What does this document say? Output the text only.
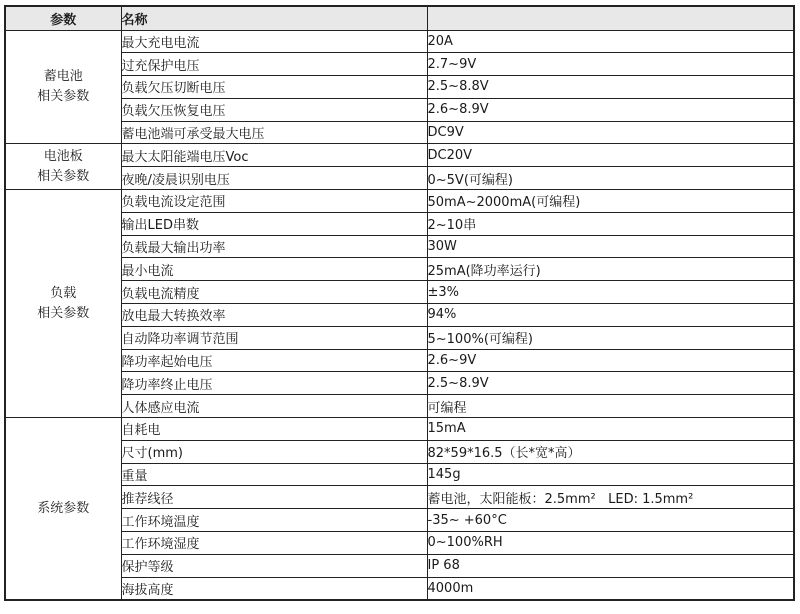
参数	名称	

蓄电池
相关参数	最大充电电流	20A
	过充保护电压	2.7~9V
	负载欠压切断电压	2.5~8.8V
	负载欠压恢复电压	2.6~8.9V
	蓄电池端可承受最大电压	DC9V

电池板
相关参数	最大太阳能端电压Voc	DC20V
	夜晚/凌晨识别电压	0~5V(可编程)

负载
相关参数	负载电流设定范围	50mA~2000mA(可编程)
	输出LED串数	2~10串
	负载最大输出功率	30W
	最小电流	25mA(降功率运行)
	负载电流精度	±3%
	放电最大转换效率	94%
	自动降功率调节范围	5~100%(可编程)
	降功率起始电压	2.6~9V
	降功率终止电压	2.5~8.9V
	人体感应电流	可编程

系统参数	自耗电	15mA
	尺寸(mm)	82*59*16.5（长*宽*高）
	重量	145g
	推荐线径	蓄电池，太阳能板：2.5mm²   LED: 1.5mm²
	工作环境温度	-35~ +60°C
	工作环境湿度	0~100%RH
	保护等级	IP 68
	海拔高度	4000m
